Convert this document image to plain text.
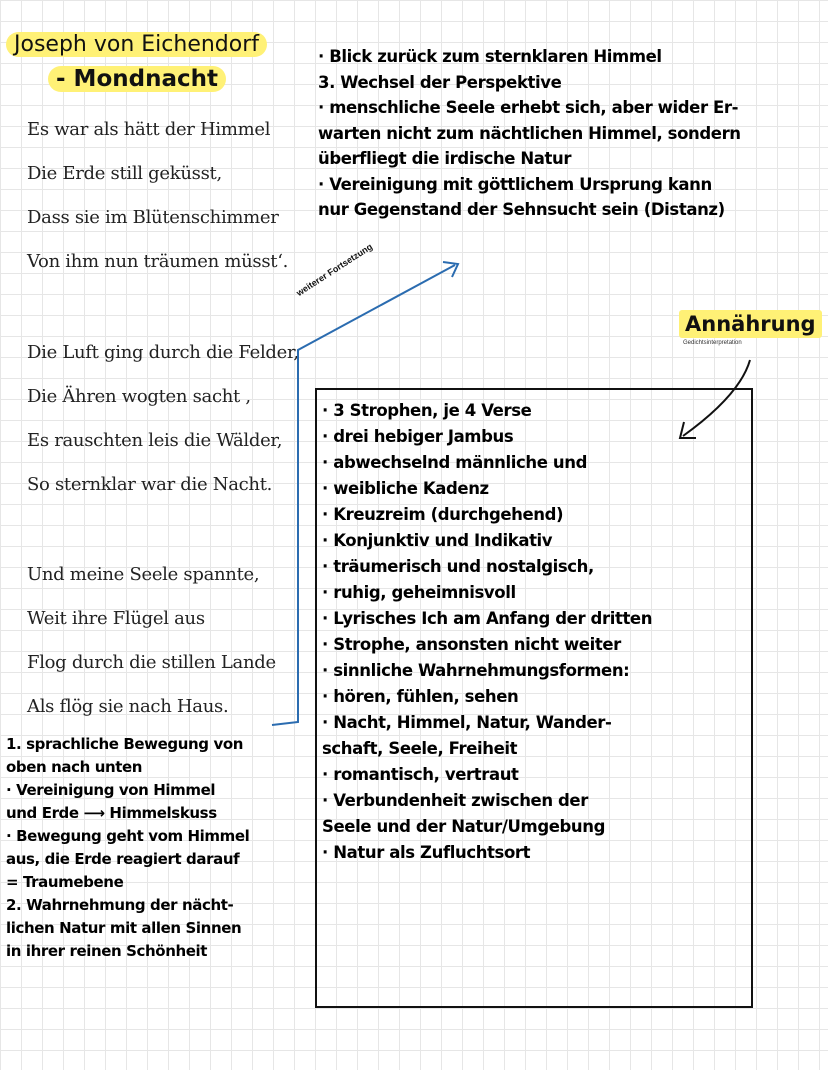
Joseph von Eichendorf
- Mondnacht
Es war als hätt der Himmel
Die Erde still geküsst,
Dass sie im Blütenschimmer
Von ihm nun träumen müsst‘.
Die Luft ging durch die Felder,
Die Ähren wogten sacht ,
Es rauschten leis die Wälder,
So sternklar war die Nacht.
Und meine Seele spannte,
Weit ihre Flügel aus
Flog durch die stillen Lande
Als flög sie nach Haus.
· Blick zurück zum sternklaren Himmel
3. Wechsel der Perspektive
· menschliche Seele erhebt sich, aber wider Er-
warten nicht zum nächtlichen Himmel, sondern
überfliegt die irdische Natur
· Vereinigung mit göttlichem Ursprung kann
nur Gegenstand der Sehnsucht sein (Distanz)
weiterer Fortsetzung
Annährung
Gedichtsinterpretation
· 3 Strophen, je 4 Verse
· drei hebiger Jambus
· abwechselnd männliche und
· weibliche Kadenz
· Kreuzreim (durchgehend)
· Konjunktiv und Indikativ
· träumerisch und nostalgisch,
· ruhig, geheimnisvoll
· Lyrisches Ich am Anfang der dritten
· Strophe, ansonsten nicht weiter
· sinnliche Wahrnehmungsformen:
· hören, fühlen, sehen
· Nacht, Himmel, Natur, Wander-
schaft, Seele, Freiheit
· romantisch, vertraut
· Verbundenheit zwischen der
Seele und der Natur/Umgebung
· Natur als Zufluchtsort
1. sprachliche Bewegung von
oben nach unten
· Vereinigung von Himmel
und Erde ⟶ Himmelskuss
· Bewegung geht vom Himmel
aus, die Erde reagiert darauf
= Traumebene
2. Wahrnehmung der nächt-
lichen Natur mit allen Sinnen
in ihrer reinen Schönheit
